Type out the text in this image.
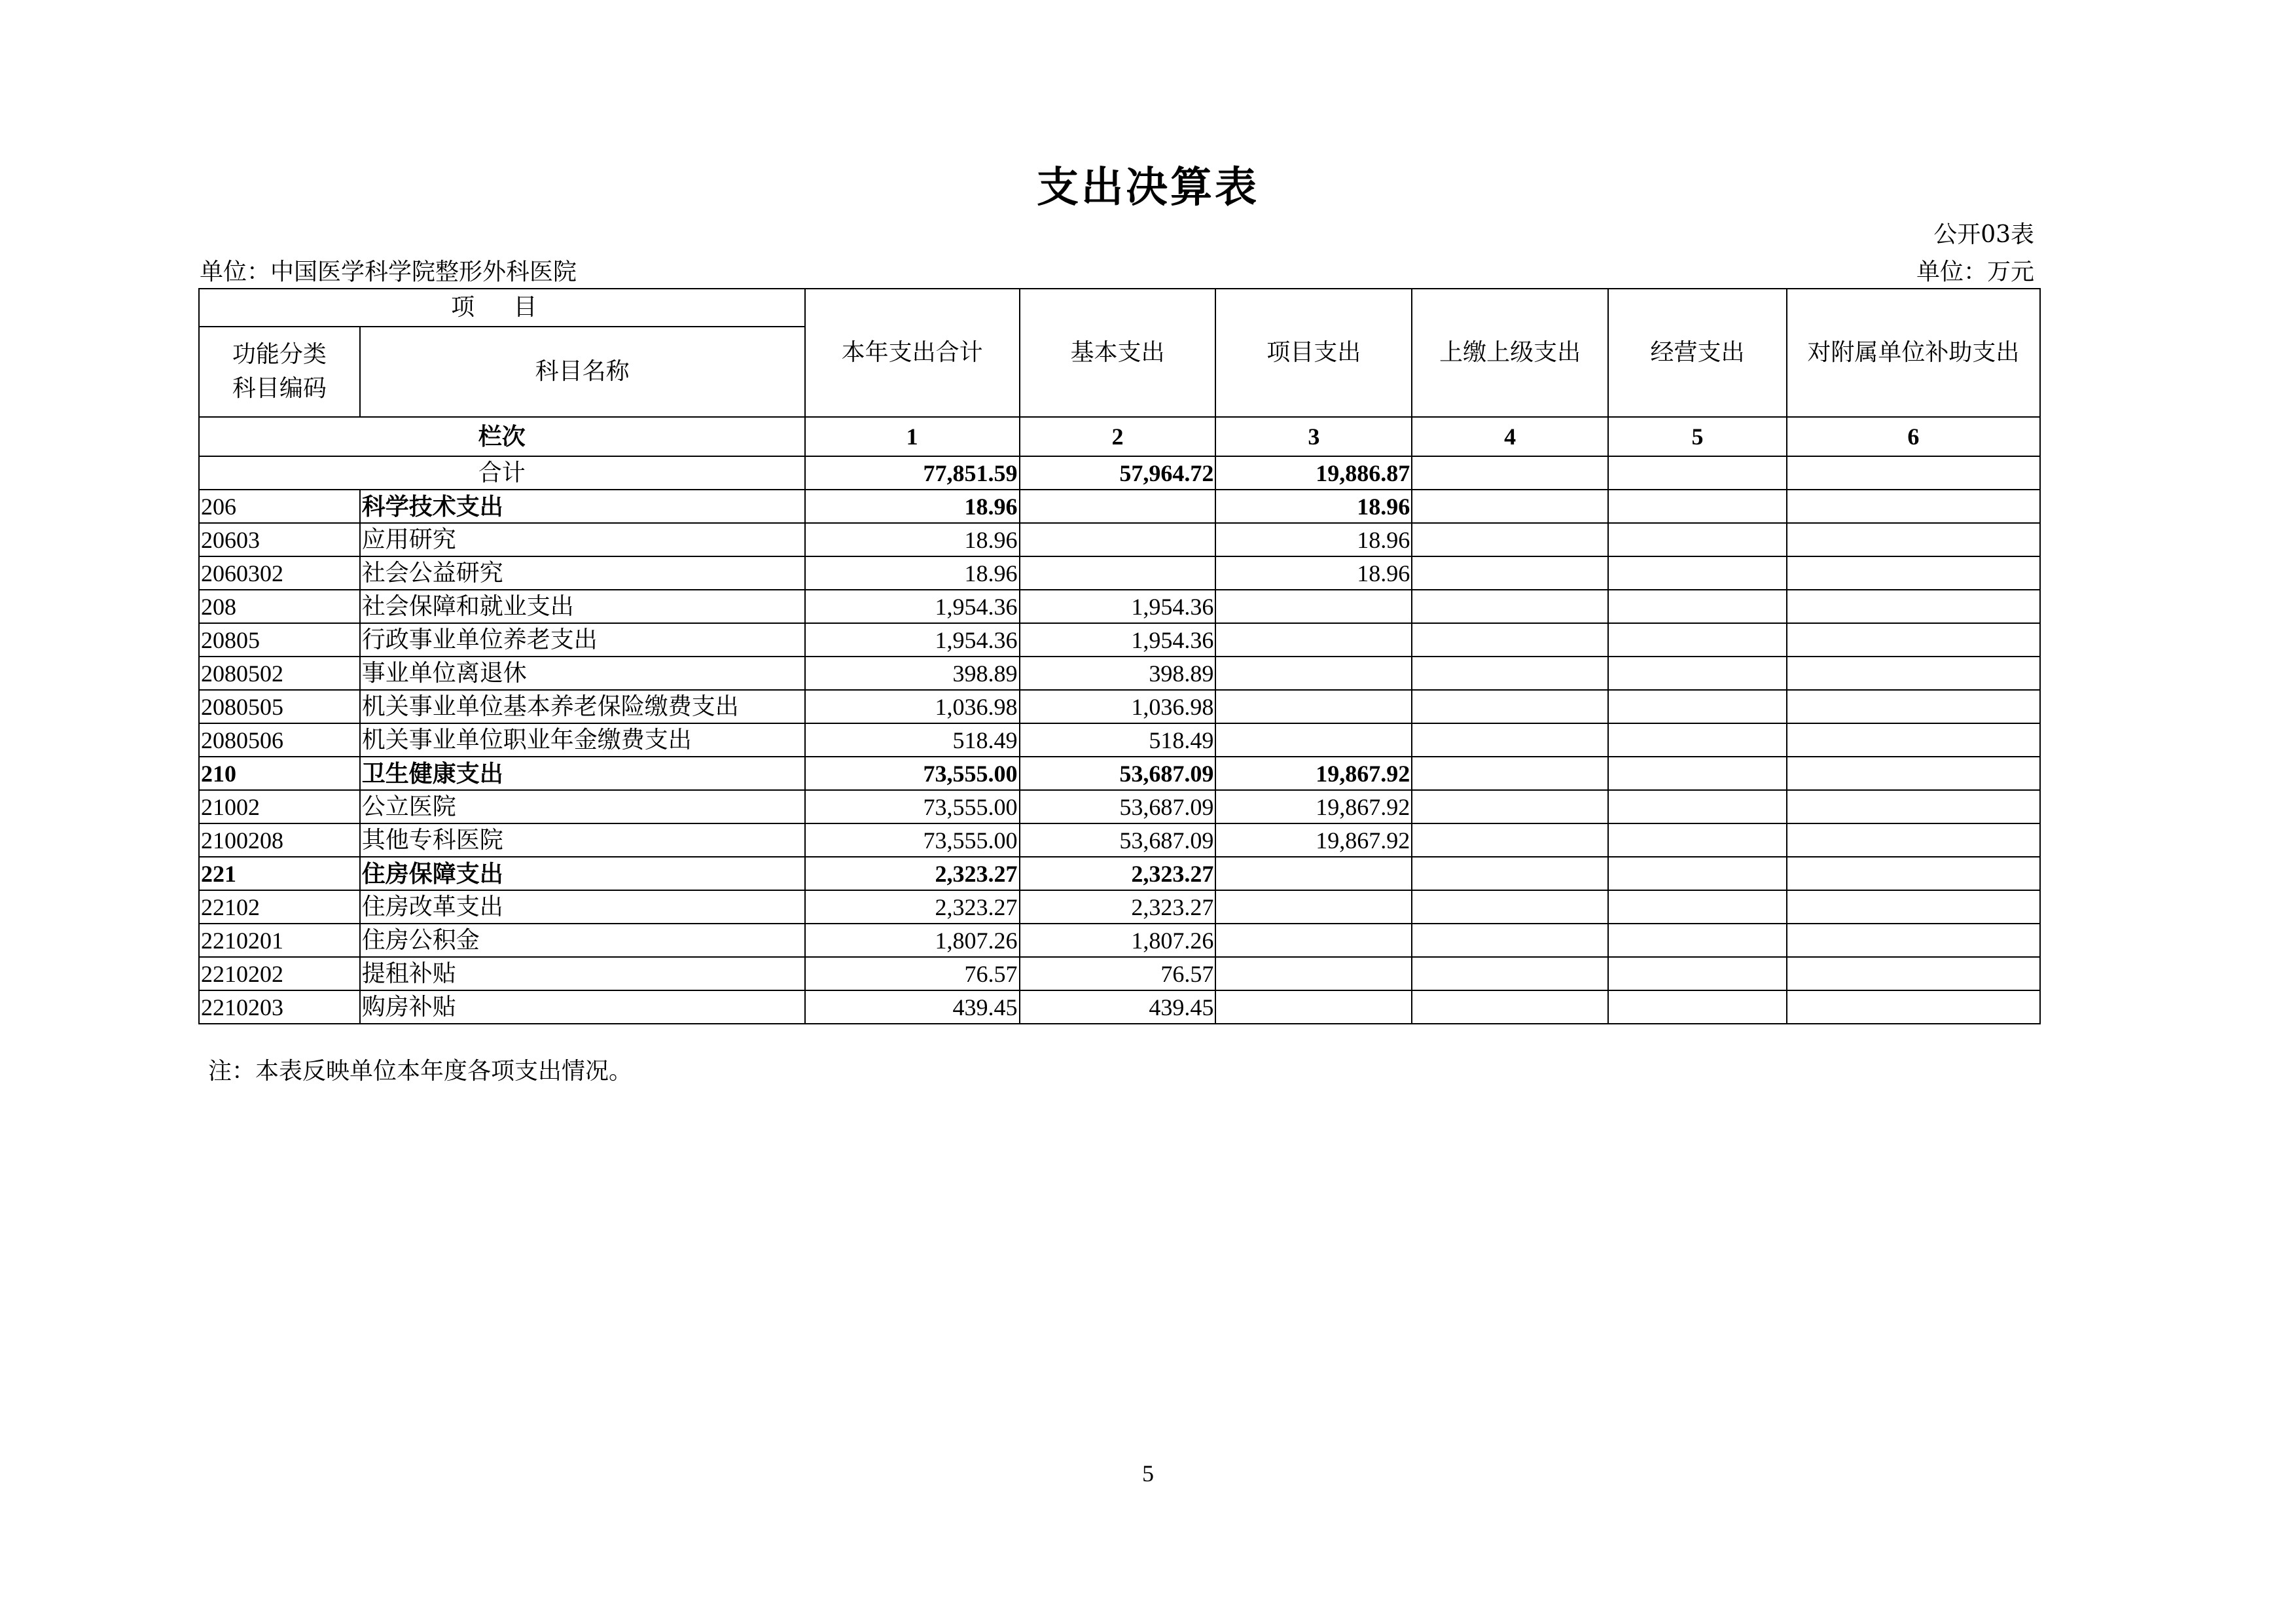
支出决算表
公开03表
单位：中国医学科学院整形外科医院	单位：万元
项 目		本年支出合计	基本支出	项目支出	上缴上级支出	经营支出	对附属单位补助支出
功能分类科目编码	科目名称						
栏次		1	2	3	4	5	6
合计		77,851.59	57,964.72	19,886.87			
206	科学技术支出	18.96		18.96			
20603	应用研究	18.96		18.96			
2060302	社会公益研究	18.96		18.96			
208	社会保障和就业支出	1,954.36	1,954.36				
20805	行政事业单位养老支出	1,954.36	1,954.36				
2080502	事业单位离退休	398.89	398.89				
2080505	机关事业单位基本养老保险缴费支出	1,036.98	1,036.98				
2080506	机关事业单位职业年金缴费支出	518.49	518.49				
210	卫生健康支出	73,555.00	53,687.09	19,867.92			
21002	公立医院	73,555.00	53,687.09	19,867.92			
2100208	其他专科医院	73,555.00	53,687.09	19,867.92			
221	住房保障支出	2,323.27	2,323.27				
22102	住房改革支出	2,323.27	2,323.27				
2210201	住房公积金	1,807.26	1,807.26				
2210202	提租补贴	76.57	76.57				
2210203	购房补贴	439.45	439.45				
注：本表反映单位本年度各项支出情况。
5
